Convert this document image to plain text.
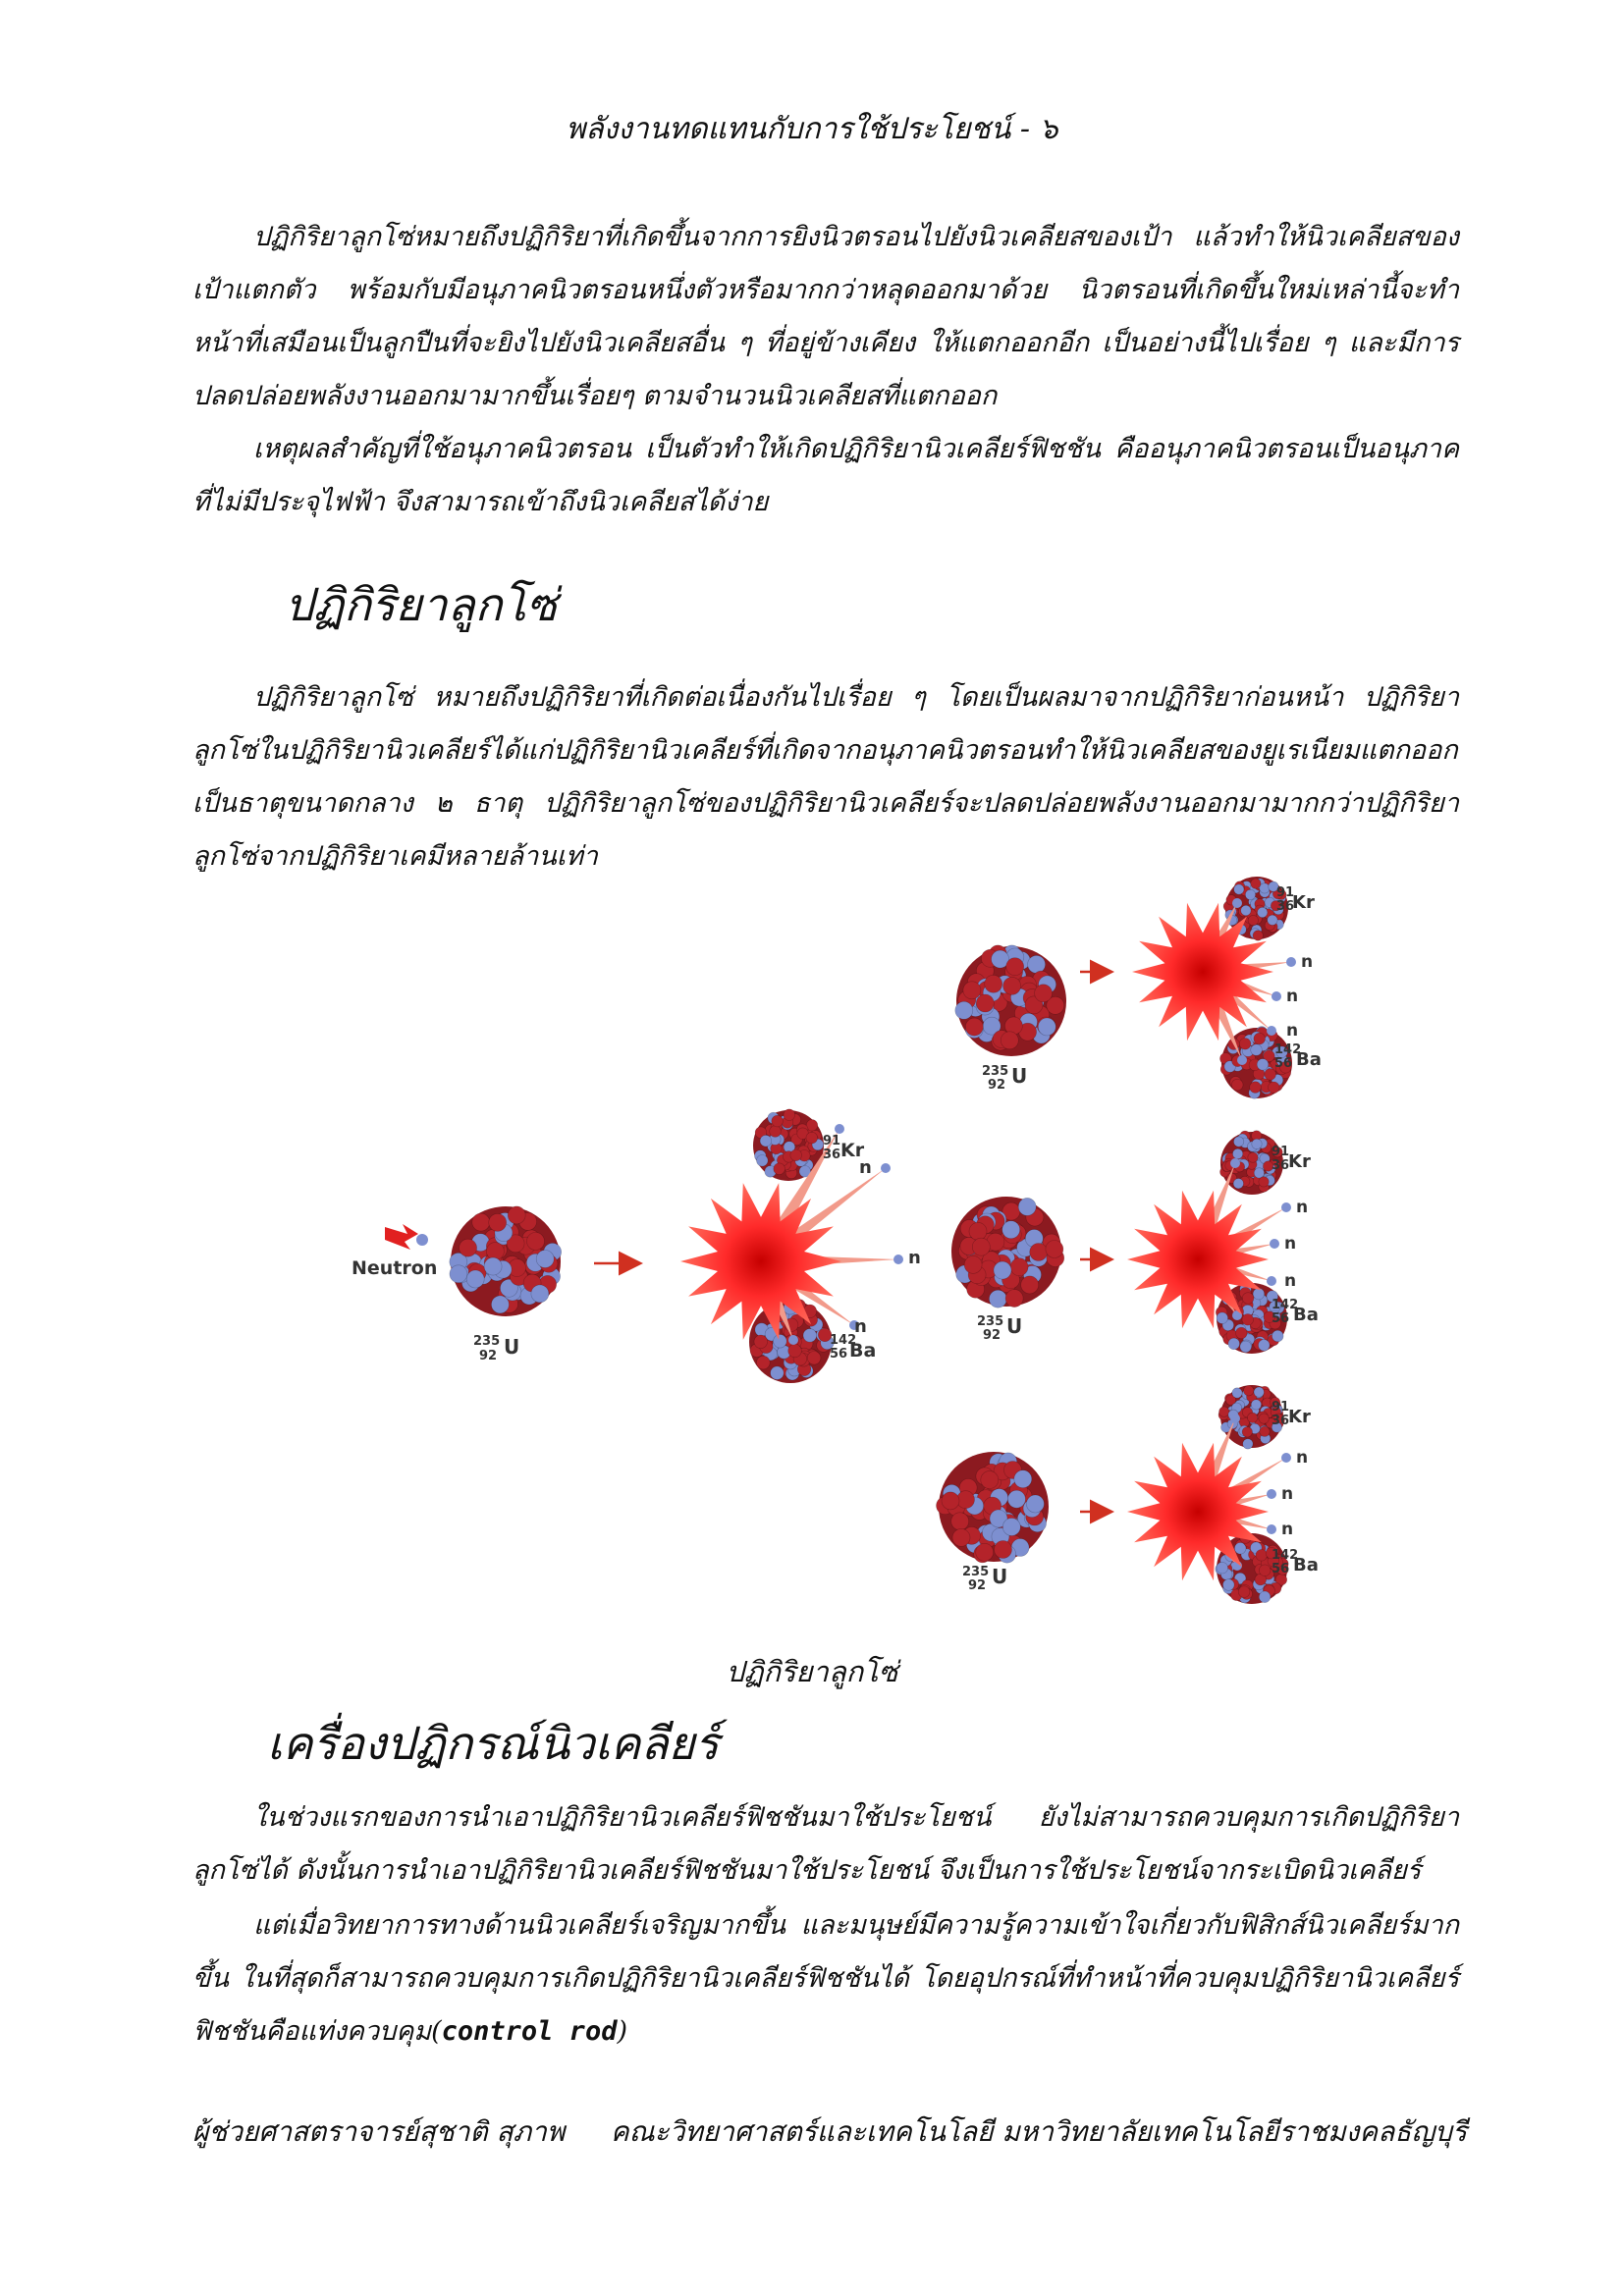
พลังงานทดแทนกับการใช้ประโยชน์ - ๖

ปฏิกิริยาลูกโซ่หมายถึงปฏิกิริยาที่เกิดขึ้นจากการยิงนิวตรอนไปยังนิวเคลียสของเป้า แล้วทำให้นิวเคลียสของเป้าแตกตัว พร้อมกับมีอนุภาคนิวตรอนหนึ่งตัวหรือมากกว่าหลุดออกมาด้วย นิวตรอนที่เกิดขึ้นใหม่เหล่านี้จะทำหน้าที่เสมือนเป็นลูกปืนที่จะยิงไปยังนิวเคลียสอื่น ๆ ที่อยู่ข้างเคียง ให้แตกออกอีก เป็นอย่างนี้ไปเรื่อย ๆ และมีการปลดปล่อยพลังงานออกมามากขึ้นเรื่อยๆ ตามจำนวนนิวเคลียสที่แตกออก

เหตุผลสำคัญที่ใช้อนุภาคนิวตรอน เป็นตัวทำให้เกิดปฏิกิริยานิวเคลียร์ฟิชชัน คืออนุภาคนิวตรอนเป็นอนุภาคที่ไม่มีประจุไฟฟ้า จึงสามารถเข้าถึงนิวเคลียสได้ง่าย

ปฏิกิริยาลูกโซ่

ปฏิกิริยาลูกโซ่ หมายถึงปฏิกิริยาที่เกิดต่อเนื่องกันไปเรื่อย ๆ โดยเป็นผลมาจากปฏิกิริยาก่อนหน้า ปฏิกิริยาลูกโซ่ในปฏิกิริยานิวเคลียร์ได้แก่ปฏิกิริยานิวเคลียร์ที่เกิดจากอนุภาคนิวตรอนทำให้นิวเคลียสของยูเรเนียมแตกออกเป็นธาตุขนาดกลาง ๒ ธาตุ ปฏิกิริยาลูกโซ่ของปฏิกิริยานิวเคลียร์จะปลดปล่อยพลังงานออกมามากกว่าปฏิกิริยาลูกโซ่จากปฏิกิริยาเคมีหลายล้านเท่า

Neutron
235
92 U
91
36 Kr
142
56 Ba
n
n
n
235
92 U
235
92 U
235
92 U
91
36
Kr
142
56 Ba
n
n
n
91
36
Kr
142
56 Ba
n
n
n
91
36
Kr
142
56 Ba
n
n
n
ปฏิกิริยาลูกโซ่
เครื่องปฏิกรณ์นิวเคลียร์

ในช่วงแรกของการนำเอาปฏิกิริยานิวเคลียร์ฟิชชันมาใช้ประโยชน์ ยังไม่สามารถควบคุมการเกิดปฏิกิริยาลูกโซ่ได้ ดังนั้นการนำเอาปฏิกิริยานิวเคลียร์ฟิชชันมาใช้ประโยชน์ จึงเป็นการใช้ประโยชน์จากระเบิดนิวเคลียร์

แต่เมื่อวิทยาการทางด้านนิวเคลียร์เจริญมากขึ้น และมนุษย์มีความรู้ความเข้าใจเกี่ยวกับฟิสิกส์นิวเคลียร์มากขึ้น ในที่สุดก็สามารถควบคุมการเกิดปฏิกิริยานิวเคลียร์ฟิชชันได้ โดยอุปกรณ์ที่ทำหน้าที่ควบคุมปฏิกิริยานิวเคลียร์ฟิชชันคือแท่งควบคุม(control rod)

ผู้ช่วยศาสตราจารย์สุชาติ สุภาพ คณะวิทยาศาสตร์และเทคโนโลยี มหาวิทยาลัยเทคโนโลยีราชมงคลธัญบุรี
